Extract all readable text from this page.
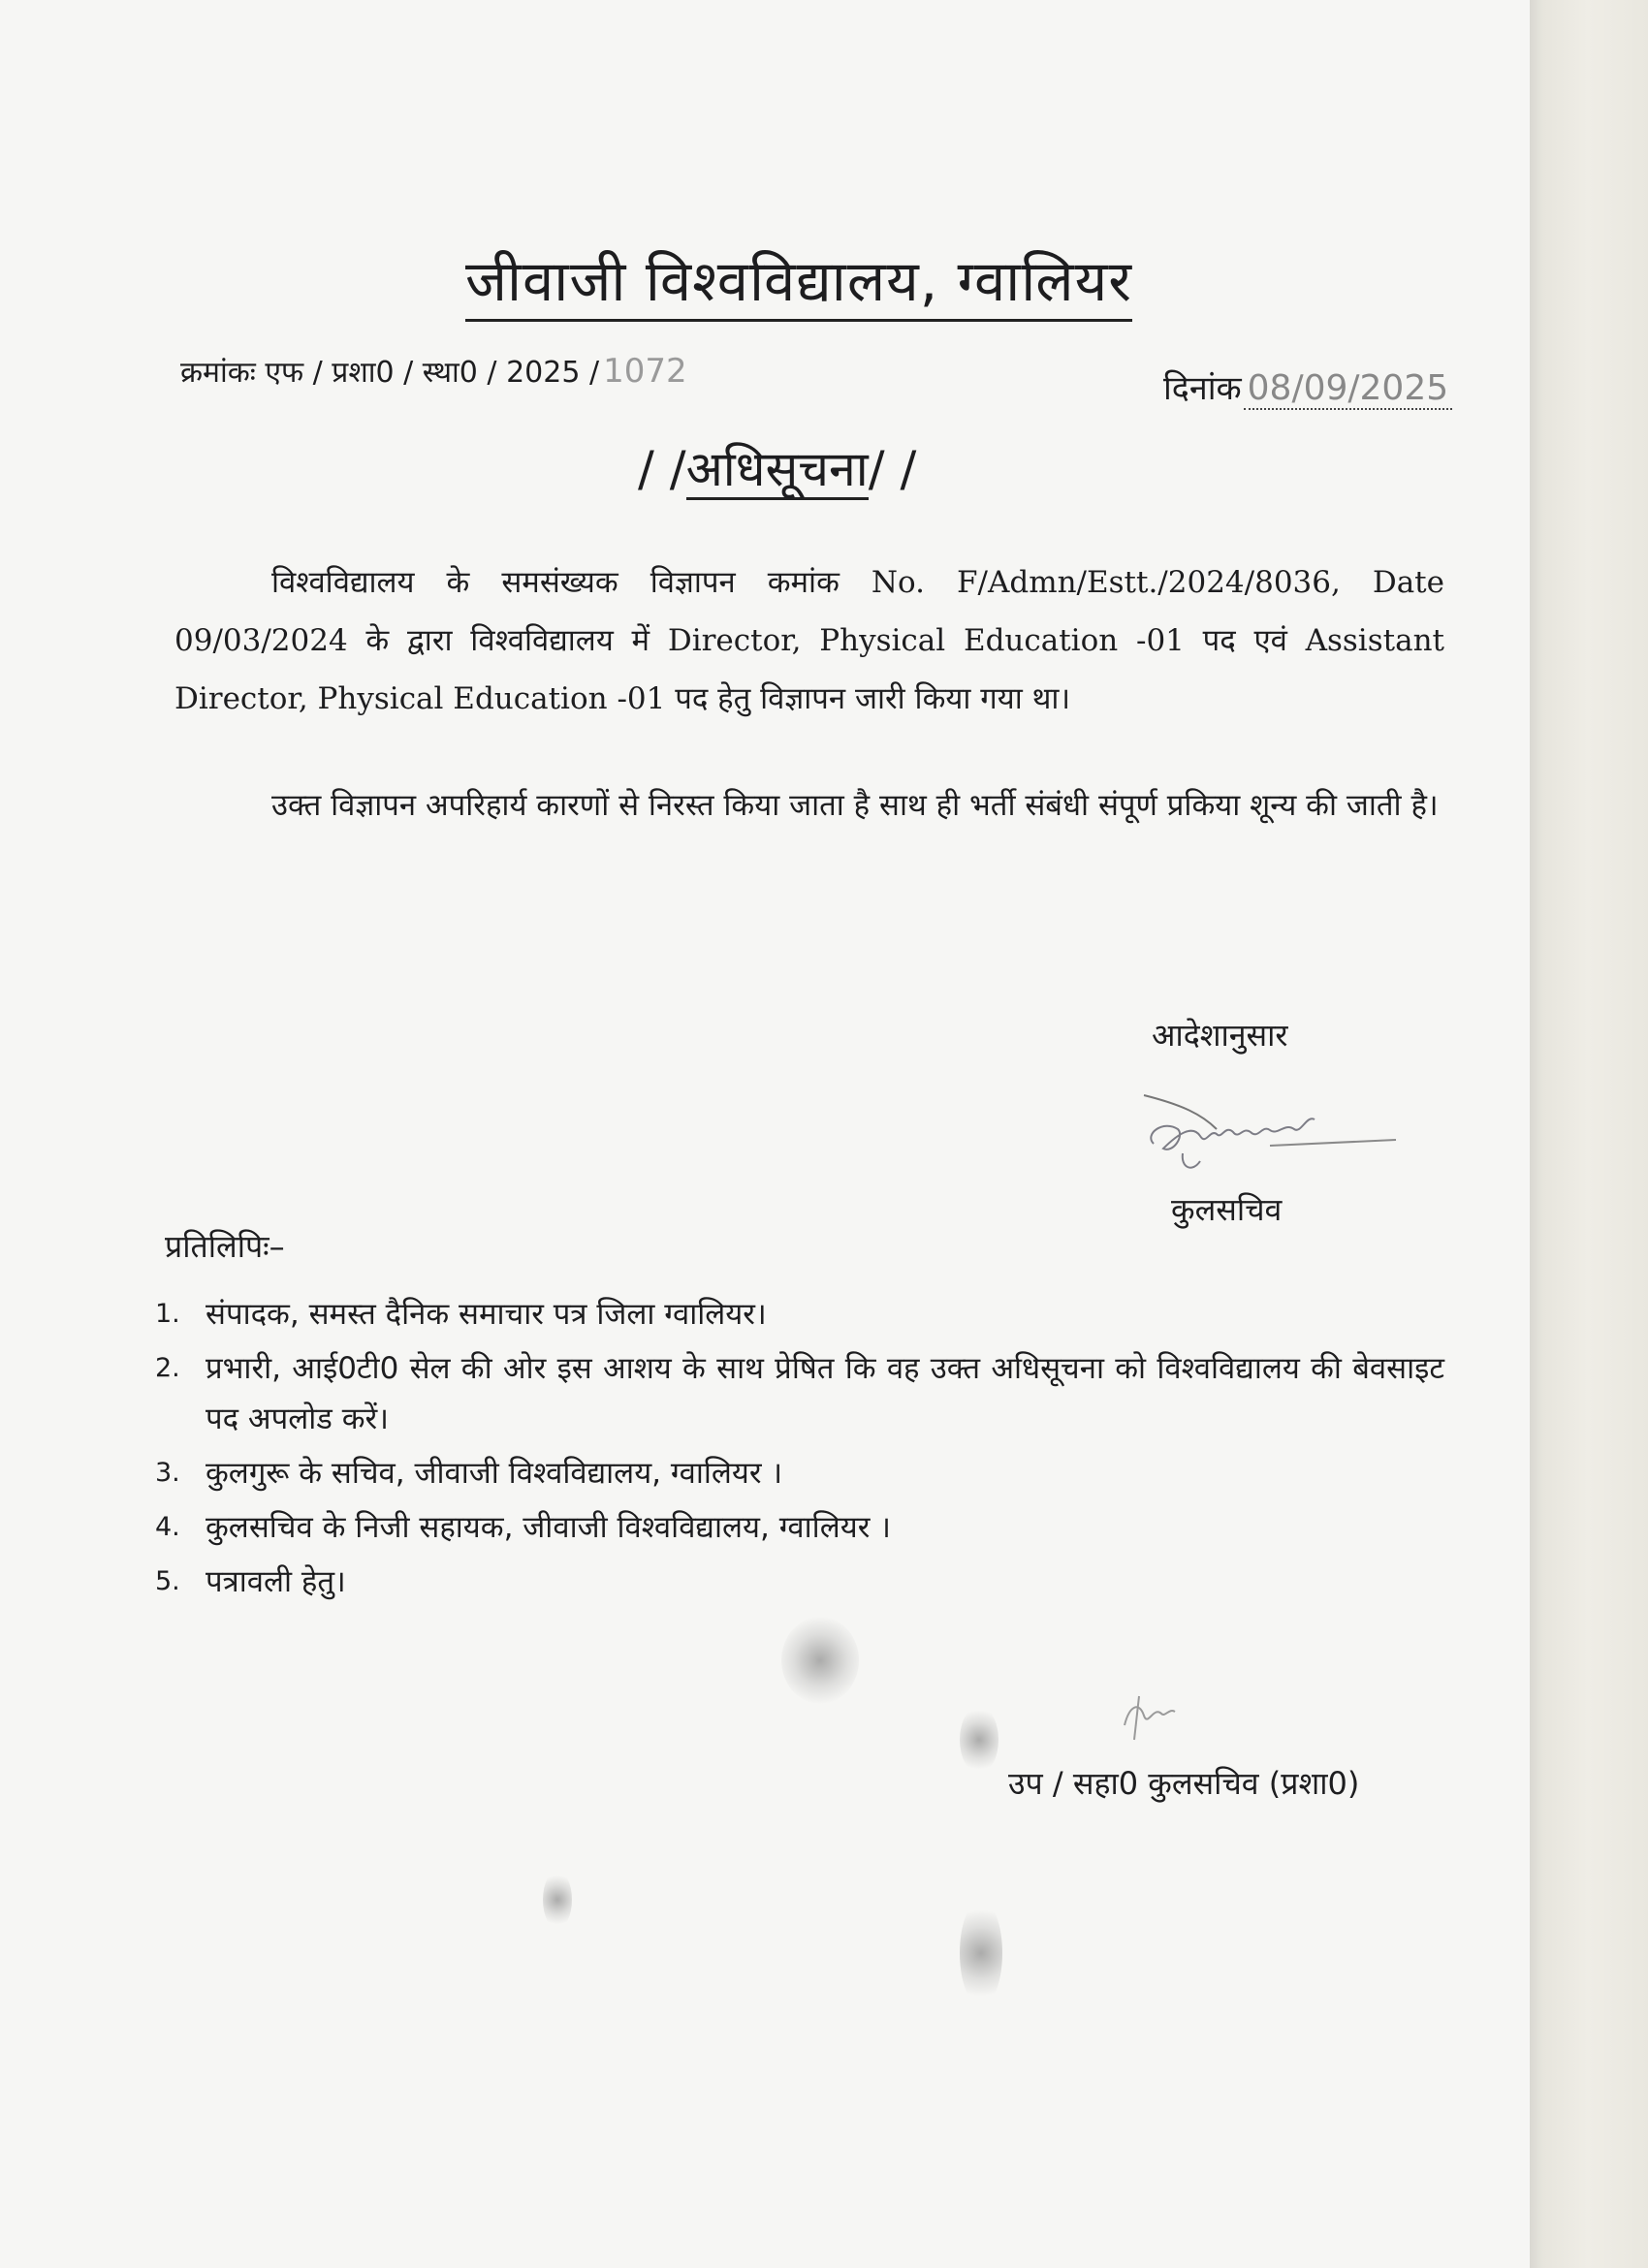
जीवाजी विश्वविद्यालय, ग्वालियर
क्रमांकः एफ / प्रशा0 / स्था0 / 2025 / 1072	दिनांक 08/09/2025
/ /अधिसूचना/ /

विश्वविद्यालय के समसंख्यक विज्ञापन कमांक No. F/Admn/Estt./2024/8036, Date 09/03/2024 के द्वारा विश्वविद्यालय में Director, Physical Education -01 पद एवं Assistant Director, Physical Education -01 पद हेतु विज्ञापन जारी किया गया था।

उक्त विज्ञापन अपरिहार्य कारणों से निरस्त किया जाता है साथ ही भर्ती संबंधी संपूर्ण प्रकिया शून्य की जाती है।

आदेशानुसार
कुलसचिव
प्रतिलिपिः–
1. संपादक, समस्त दैनिक समाचार पत्र जिला ग्वालियर।
2. प्रभारी, आई0टी0 सेल की ओर इस आशय के साथ प्रेषित कि वह उक्त अधिसूचना को विश्वविद्यालय की बेवसाइट पद अपलोड करें।
3. कुलगुरू के सचिव, जीवाजी विश्वविद्यालय, ग्वालियर ।
4. कुलसचिव के निजी सहायक, जीवाजी विश्वविद्यालय, ग्वालियर ।
5. पत्रावली हेतु।
उप / सहा0 कुलसचिव (प्रशा0)
